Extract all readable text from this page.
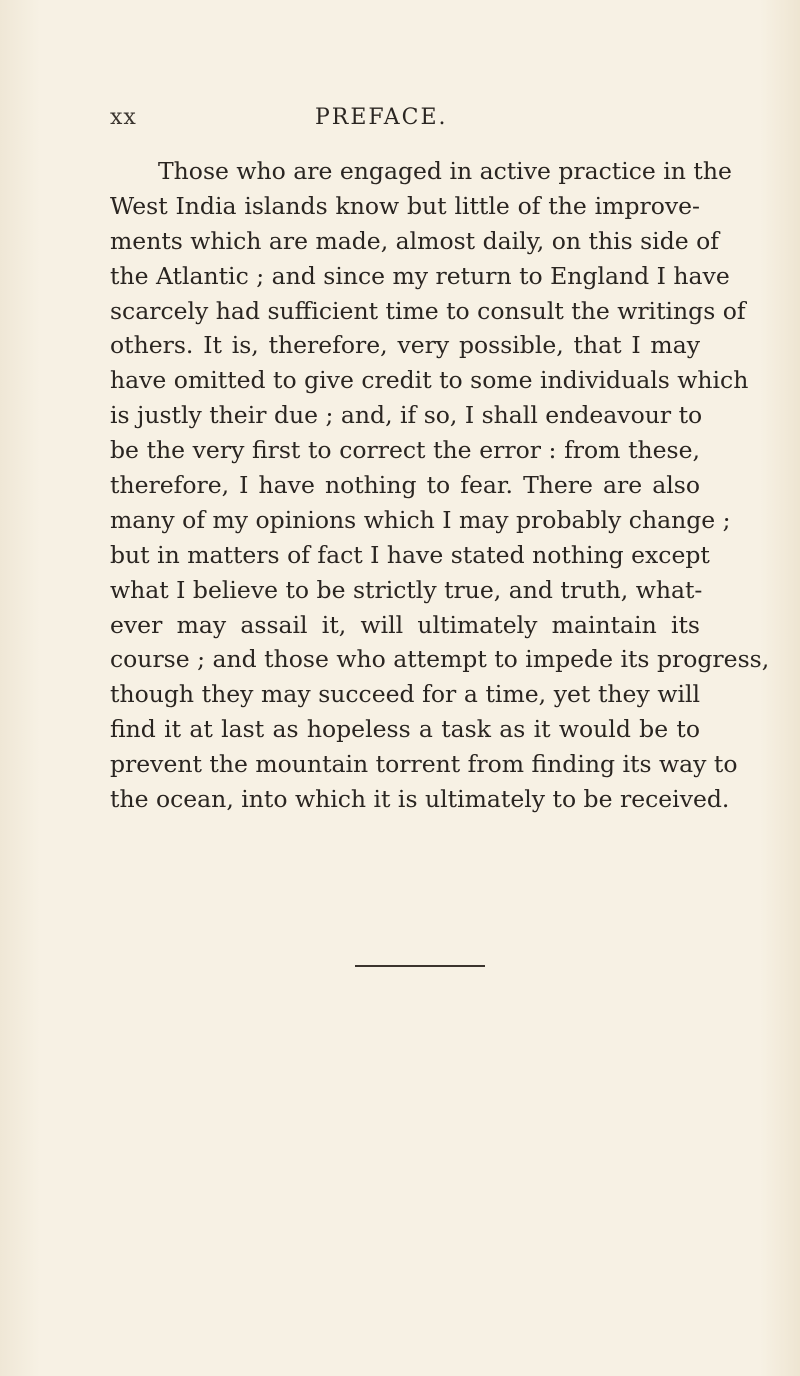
xx	PREFACE.
Those who are engaged in active practice in the
West India islands know but little of the improve-
ments which are made, almost daily, on this side of
the Atlantic ; and since my return to England I have
scarcely had sufficient time to consult the writings of
others. It is, therefore, very possible, that I may
have omitted to give credit to some individuals which
is justly their due ; and, if so, I shall endeavour to
be the very first to correct the error : from these,
therefore, I have nothing to fear. There are also
many of my opinions which I may probably change ;
but in matters of fact I have stated nothing except
what I believe to be strictly true, and truth, what-
ever may assail it, will ultimately maintain its
course ; and those who attempt to impede its progress,
though they may succeed for a time, yet they will
find it at last as hopeless a task as it would be to
prevent the mountain torrent from finding its way to
the ocean, into which it is ultimately to be received.
